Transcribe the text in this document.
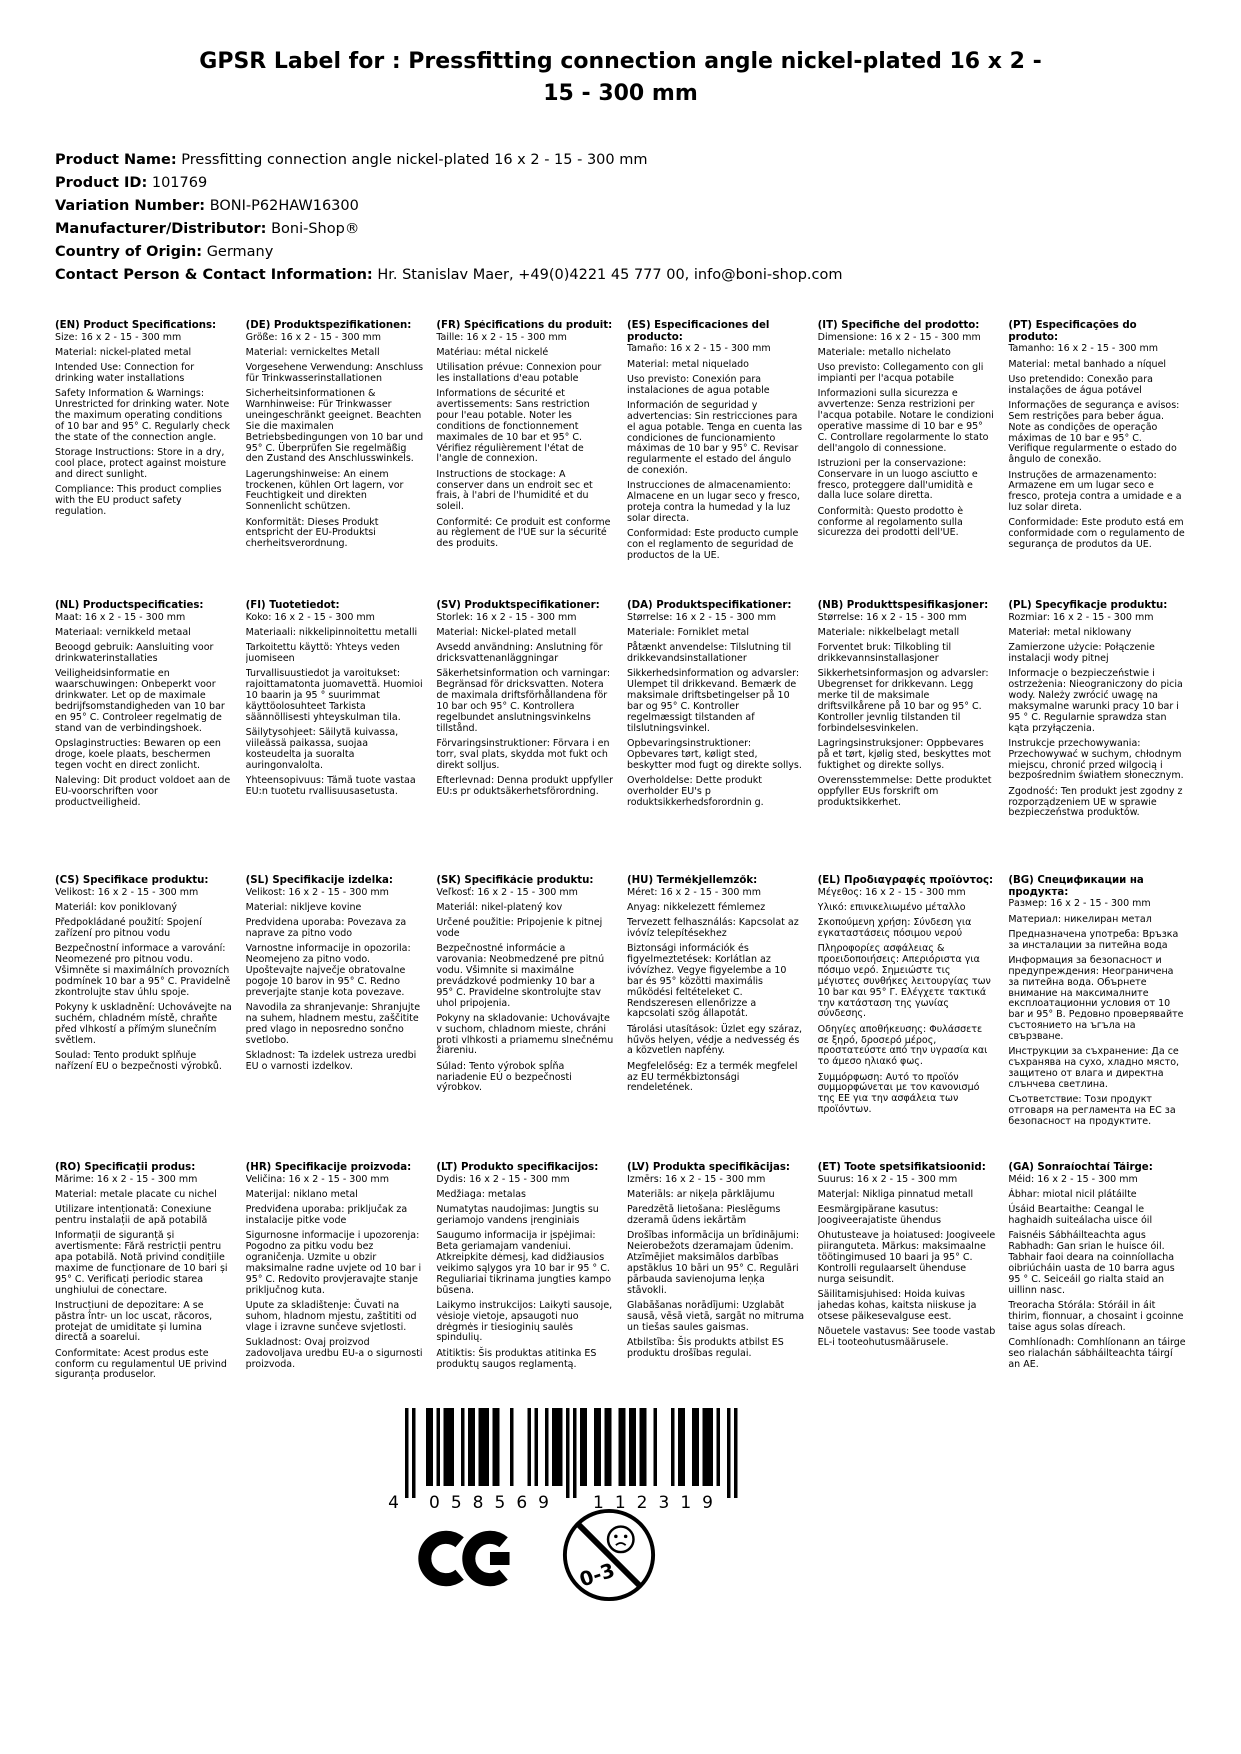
GPSR Label for : Pressfitting connection angle nickel-plated 16 x 2 - 15 - 300 mm
Product Name: Pressfitting connection angle nickel-plated 16 x 2 - 15 - 300 mm
Product ID: 101769
Variation Number: BONI-P62HAW16300
Manufacturer/Distributor: Boni-Shop®
Country of Origin: Germany
Contact Person & Contact Information: Hr. Stanislav Maer, +49(0)4221 45 777 00, info@boni-shop.com
(EN) Product Specifications:

Size: 16 x 2 - 15 - 300 mm

Material: nickel-plated metal

Intended Use: Connection for drinking water installations

Safety Information & Warnings: Unrestricted for drinking water. Note the maximum operating conditions of 10 bar and 95° C. Regularly check the state of the connection angle.

Storage Instructions: Store in a dry, cool place, protect against moisture and direct sunlight.

Compliance: This product complies with the EU product safety regulation.

(DE) Produktspezifikationen:

Größe: 16 x 2 - 15 - 300 mm

Material: vernickeltes Metall

Vorgesehene Verwendung: Anschluss für Trinkwasserinstallationen

Sicherheitsinformationen & Warnhinweise: Für Trinkwasser uneingeschränkt geeignet. Beachten Sie die maximalen Betriebsbedingungen von 10 bar und 95° C. Überprüfen Sie regelmäßig den Zustand des Anschlusswinkels.

Lagerungshinweise: An einem trockenen, kühlen Ort lagern, vor Feuchtigkeit und direkten Sonnenlicht schützen.

Konformität: Dieses Produkt entspricht der EU-Produktsi cherheitsverordnung.

(FR) Spécifications du produit:

Taille: 16 x 2 - 15 - 300 mm

Matériau: métal nickelé

Utilisation prévue: Connexion pour les installations d'eau potable

Informations de sécurité et avertissements: Sans restriction pour l'eau potable. Noter les conditions de fonctionnement maximales de 10 bar et 95° C. Vérifiez régulièrement l'état de l'angle de connexion.

Instructions de stockage: A conserver dans un endroit sec et frais, à l'abri de l'humidité et du soleil.

Conformité: Ce produit est conforme au règlement de l'UE sur la sécurité des produits.

(ES) Especificaciones del producto:

Tamaño: 16 x 2 - 15 - 300 mm

Material: metal niquelado

Uso previsto: Conexión para instalaciones de agua potable

Información de seguridad y advertencias: Sin restricciones para el agua potable. Tenga en cuenta las condiciones de funcionamiento máximas de 10 bar y 95° C. Revisar regularmente el estado del ángulo de conexión.

Instrucciones de almacenamiento: Almacene en un lugar seco y fresco, proteja contra la humedad y la luz solar directa.

Conformidad: Este producto cumple con el reglamento de seguridad de productos de la UE.

(IT) Specifiche del prodotto:

Dimensione: 16 x 2 - 15 - 300 mm

Materiale: metallo nichelato

Uso previsto: Collegamento con gli impianti per l'acqua potabile

Informazioni sulla sicurezza e avvertenze: Senza restrizioni per l'acqua potabile. Notare le condizioni operative massime di 10 bar e 95° C. Controllare regolarmente lo stato dell'angolo di connessione.

Istruzioni per la conservazione: Conservare in un luogo asciutto e fresco, proteggere dall'umidità e dalla luce solare diretta.

Conformità: Questo prodotto è conforme al regolamento sulla sicurezza dei prodotti dell'UE.

(PT) Especificações do produto:

Tamanho: 16 x 2 - 15 - 300 mm

Material: metal banhado a níquel

Uso pretendido: Conexão para instalações de água potável

Informações de segurança e avisos: Sem restrições para beber água. Note as condições de operação máximas de 10 bar e 95° C. Verifique regularmente o estado do ângulo de conexão.

Instruções de armazenamento: Armazene em um lugar seco e fresco, proteja contra a umidade e a luz solar direta.

Conformidade: Este produto está em conformidade com o regulamento de segurança de produtos da UE.

(NL) Productspecificaties:

Maat: 16 x 2 - 15 - 300 mm

Materiaal: vernikkeld metaal

Beoogd gebruik: Aansluiting voor drinkwaterinstallaties

Veiligheidsinformatie en waarschuwingen: Onbeperkt voor drinkwater. Let op de maximale bedrijfsomstandigheden van 10 bar en 95° C. Controleer regelmatig de stand van de verbindingshoek.

Opslaginstructies: Bewaren op een droge, koele plaats, beschermen tegen vocht en direct zonlicht.

Naleving: Dit product voldoet aan de EU-voorschriften voor productveiligheid.

(FI) Tuotetiedot:

Koko: 16 x 2 - 15 - 300 mm

Materiaali: nikkelipinnoitettu metalli

Tarkoitettu käyttö: Yhteys veden juomiseen

Turvallisuustiedot ja varoitukset: rajoittamatonta juomavettä. Huomioi 10 baarin ja 95 ° suurimmat käyttöolosuhteet Tarkista säännöllisesti yhteyskulman tila.

Säilytysohjeet: Säilytä kuivassa, viileässä paikassa, suojaa kosteudelta ja suoralta auringonvalolta.

Yhteensopivuus: Tämä tuote vastaa EU:n tuotetu rvallisuusasetusta.

(SV) Produktspecifikationer:

Storlek: 16 x 2 - 15 - 300 mm

Material: Nickel-plated metall

Avsedd användning: Anslutning för dricksvattenanläggningar

Säkerhetsinformation och varningar: Begränsad för dricksvatten. Notera de maximala driftsförhållandena för 10 bar och 95° C. Kontrollera regelbundet anslutningsvinkelns tillstånd.

Förvaringsinstruktioner: Förvara i en torr, sval plats, skydda mot fukt och direkt solljus.

Efterlevnad: Denna produkt uppfyller EU:s pr oduktsäkerhetsförordning.

(DA) Produktspecifikationer:

Størrelse: 16 x 2 - 15 - 300 mm

Materiale: Forniklet metal

Påtænkt anvendelse: Tilslutning til drikkevandsinstallationer

Sikkerhedsinformation og advarsler: Ulempet til drikkevand. Bemærk de maksimale driftsbetingelser på 10 bar og 95° C. Kontroller regelmæssigt tilstanden af tilslutningsvinkel.

Opbevaringsinstruktioner: Opbevares tørt, køligt sted, beskytter mod fugt og direkte sollys.

Overholdelse: Dette produkt overholder EU's p roduktsikkerhedsforordnin g.

(NB) Produkttspesifikasjoner:

Størrelse: 16 x 2 - 15 - 300 mm

Materiale: nikkelbelagt metall

Forventet bruk: Tilkobling til drikkevannsinstallasjoner

Sikkerhetsinformasjon og advarsler: Ubegrenset for drikkevann. Legg merke til de maksimale driftsvilkårene på 10 bar og 95° C. Kontroller jevnlig tilstanden til forbindelsesvinkelen.

Lagringsinstruksjoner: Oppbevares på et tørt, kjølig sted, beskyttes mot fuktighet og direkte sollys.

Overensstemmelse: Dette produktet oppfyller EUs forskrift om produktsikkerhet.

(PL) Specyfikacje produktu:

Rozmiar: 16 x 2 - 15 - 300 mm

Materiał: metal niklowany

Zamierzone użycie: Połączenie instalacji wody pitnej

Informacje o bezpieczeństwie i ostrzeżenia: Nieograniczony do picia wody. Należy zwrócić uwagę na maksymalne warunki pracy 10 bar i 95 ° C. Regularnie sprawdza stan kąta przyłączenia.

Instrukcje przechowywania: Przechowywać w suchym, chłodnym miejscu, chronić przed wilgocią i bezpośrednim światłem słonecznym.

Zgodność: Ten produkt jest zgodny z rozporządzeniem UE w sprawie bezpieczeństwa produktów.

(CS) Specifikace produktu:

Velikost: 16 x 2 - 15 - 300 mm

Materiál: kov poniklovaný

Předpokládané použití: Spojení zařízení pro pitnou vodu

Bezpečnostní informace a varování: Neomezené pro pitnou vodu. Všimněte si maximálních provozních podmínek 10 bar a 95° C. Pravidelně zkontrolujte stav úhlu spoje.

Pokyny k uskladnění: Uchovávejte na suchém, chladném místě, chraňte před vlhkostí a přímým slunečním světlem.

Soulad: Tento produkt splňuje nařízení EU o bezpečnosti výrobků.

(SL) Specifikacije izdelka:

Velikost: 16 x 2 - 15 - 300 mm

Material: nikljeve kovine

Predvidena uporaba: Povezava za naprave za pitno vodo

Varnostne informacije in opozorila: Neomejeno za pitno vodo. Upoštevajte največje obratovalne pogoje 10 barov in 95° C. Redno preverjajte stanje kota povezave.

Navodila za shranjevanje: Shranjujte na suhem, hladnem mestu, zaščitite pred vlago in neposredno sončno svetlobo.

Skladnost: Ta izdelek ustreza uredbi EU o varnosti izdelkov.

(SK) Špecifikácie produktu:

Veľkosť: 16 x 2 - 15 - 300 mm

Materiál: nikel-platený kov

Určené použitie: Pripojenie k pitnej vode

Bezpečnostné informácie a varovania: Neobmedzené pre pitnú vodu. Všimnite si maximálne prevádzkové podmienky 10 bar a 95° C. Pravidelne skontrolujte stav uhol pripojenia.

Pokyny na skladovanie: Uchovávajte v suchom, chladnom mieste, chráni proti vlhkosti a priamemu slnečnému žiareniu.

Súlad: Tento výrobok spĺňa nariadenie EÚ o bezpečnosti výrobkov.

(HU) Termékjellemzők:

Méret: 16 x 2 - 15 - 300 mm

Anyag: nikkelezett fémlemez

Tervezett felhasználás: Kapcsolat az ivóvíz telepítésekhez

Biztonsági információk és figyelmeztetések: Korlátlan az ivóvízhez. Vegye figyelembe a 10 bar és 95° közötti maximális működési feltételeket C. Rendszeresen ellenőrizze a kapcsolati szög állapotát.

Tárolási utasítások: Üzlet egy száraz, hűvös helyen, védje a nedvesség és a közvetlen napfény.

Megfelelőség: Ez a termék megfelel az EU termékbiztonsági rendeletének.

(EL) Προδιαγραφές προϊόντος:

Μέγεθος: 16 x 2 - 15 - 300 mm

Υλικό: επινικελιωμένο μέταλλο

Σκοπούμενη χρήση: Σύνδεση για εγκαταστάσεις πόσιμου νερού

Πληροφορίες ασφάλειας & προειδοποιήσεις: Απεριόριστα για πόσιμο νερό. Σημειώστε τις μέγιστες συνθήκες λειτουργίας των 10 bar και 95° Γ. Ελέγχετε τακτικά την κατάσταση της γωνίας σύνδεσης.

Οδηγίες αποθήκευσης: Φυλάσσετε σε ξηρό, δροσερό μέρος, προστατεύστε από την υγρασία και το άμεσο ηλιακό φως.

Συμμόρφωση: Αυτό το προϊόν συμμορφώνεται με τον κανονισμό της ΕΕ για την ασφάλεια των προϊόντων.

(BG) Спецификации на продукта:

Размер: 16 x 2 - 15 - 300 mm

Материал: никелиран метал

Предназначена употреба: Връзка за инсталации за питейна вода

Информация за безопасност и предупреждения: Неограничена за питейна вода. Обърнете внимание на максималните експлоатационни условия от 10 bar и 95° B. Редовно проверявайте състоянието на ъгъла на свързване.

Инструкции за съхранение: Да се съхранява на сухо, хладно място, защитено от влага и директна слънчева светлина.

Съответствие: Този продукт отговаря на регламента на ЕС за безопасност на продуктите.

(RO) Specificații produs:

Mărime: 16 x 2 - 15 - 300 mm

Material: metale placate cu nichel

Utilizare intenționată: Conexiune pentru instalații de apă potabilă

Informații de siguranță și avertismente: Fără restricții pentru apa potabilă. Notă privind condițiile maxime de funcționare de 10 bari și 95° C. Verificați periodic starea unghiului de conectare.

Instrucțiuni de depozitare: A se păstra într- un loc uscat, răcoros, protejat de umiditate și lumina directă a soarelui.

Conformitate: Acest produs este conform cu regulamentul UE privind siguranța produselor.

(HR) Specifikacije proizvoda:

Veličina: 16 x 2 - 15 - 300 mm

Materijal: niklano metal

Predviđena uporaba: priključak za instalacije pitke vode

Sigurnosne informacije i upozorenja: Pogodno za pitku vodu bez ograničenja. Uzmite u obzir maksimalne radne uvjete od 10 bar i 95° C. Redovito provjeravajte stanje priključnog kuta.

Upute za skladištenje: Čuvati na suhom, hladnom mjestu, zaštititi od vlage i izravne sunčeve svjetlosti.

Sukladnost: Ovaj proizvod zadovoljava uredbu EU-a o sigurnosti proizvoda.

(LT) Produkto specifikacijos:

Dydis: 16 x 2 - 15 - 300 mm

Medžiaga: metalas

Numatytas naudojimas: Jungtis su geriamojo vandens įrenginiais

Saugumo informacija ir įspėjimai: Beta geriamajam vandeniui. Atkreipkite dėmesį, kad didžiausios veikimo sąlygos yra 10 bar ir 95 ° C. Reguliariai tikrinama jungties kampo būsena.

Laikymo instrukcijos: Laikyti sausoje, vėsioje vietoje, apsaugoti nuo drėgmės ir tiesioginių saulės spindulių.

Atitiktis: Šis produktas atitinka ES produktų saugos reglamentą.

(LV) Produkta specifikācijas:

Izmērs: 16 x 2 - 15 - 300 mm

Materiāls: ar niķeļa pārklājumu

Paredzētā lietošana: Pieslēgums dzeramā ūdens iekārtām

Drošības informācija un brīdinājumi: Neierobežots dzeramajam ūdenim. Atzīmējiet maksimālos darbības apstāklus 10 bāri un 95° C. Regulāri pārbauda savienojuma leņķa stāvokli.

Glabāšanas norādījumi: Uzglabāt sausā, vēsā vietā, sargāt no mitruma un tiešas saules gaismas.

Atbilstība: Šis produkts atbilst ES produktu drošības regulai.

(ET) Toote spetsifikatsioonid:

Suurus: 16 x 2 - 15 - 300 mm

Materjal: Nikliga pinnatud metall

Eesmärgipärane kasutus: Joogiveerajatiste ühendus

Ohutusteave ja hoiatused: Joogiveele piiranguteta. Märkus: maksimaalne töötingimused 10 baari ja 95° C. Kontrolli regulaarselt ühenduse nurga seisundit.

Säilitamisjuhised: Hoida kuivas jahedas kohas, kaitsta niiskuse ja otsese päikesevalguse eest.

Nõuetele vastavus: See toode vastab EL-i tooteohutusmäärusele.

(GA) Sonraíochtaí Táirge:

Méid: 16 x 2 - 15 - 300 mm

Ábhar: miotal nicil plátáilte

Úsáid Beartaithe: Ceangal le haghaidh suiteálacha uisce óil

Faisnéis Sábháilteachta agus Rabhadh: Gan srian le huisce óil. Tabhair faoi deara na coinníollacha oibriúcháin uasta de 10 barra agus 95 ° C. Seiceáil go rialta staid an uillinn nasc.

Treoracha Stórála: Stóráil in áit thirim, fionnuar, a chosaint i gcoinne taise agus solas díreach.

Comhlíonadh: Comhlíonann an táirge seo rialachán sábháilteachta táirgí an AE.

4 058569	112319
0-3
